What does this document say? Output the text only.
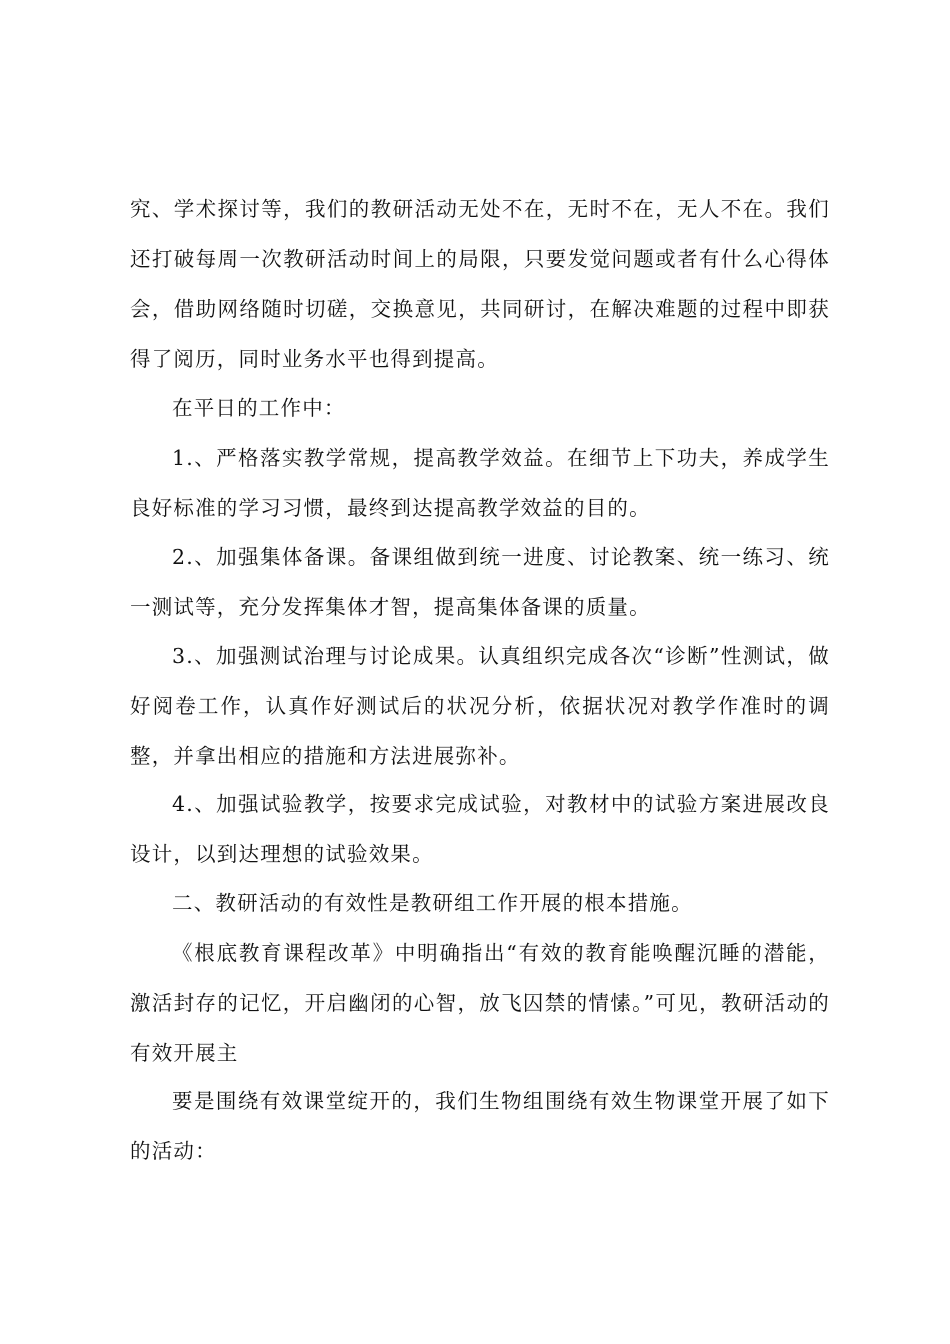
究、学术探讨等，我们的教研活动无处不在，无时不在，无人不在。我们还打破每周一次教研活动时间上的局限，只要发觉问题或者有什么心得体会，借助网络随时切磋，交换意见，共同研讨，在解决难题的过程中即获得了阅历，同时业务水平也得到提高。

在平日的工作中：

1.、严格落实教学常规，提高教学效益。在细节上下功夫，养成学生良好标准的学习习惯，最终到达提高教学效益的目的。

2.、加强集体备课。备课组做到统一进度、讨论教案、统一练习、统一测试等，充分发挥集体才智，提高集体备课的质量。

3.、加强测试治理与讨论成果。认真组织完成各次“诊断”性测试，做好阅卷工作，认真作好测试后的状况分析，依据状况对教学作准时的调整，并拿出相应的措施和方法进展弥补。

4.、加强试验教学，按要求完成试验，对教材中的试验方案进展改良设计，以到达理想的试验效果。

二、教研活动的有效性是教研组工作开展的根本措施。

《根底教育课程改革》中明确指出“有效的教育能唤醒沉睡的潜能，激活封存的记忆，开启幽闭的心智，放飞囚禁的情愫。”可见，教研活动的有效开展主

要是围绕有效课堂绽开的，我们生物组围绕有效生物课堂开展了如下的活动：
